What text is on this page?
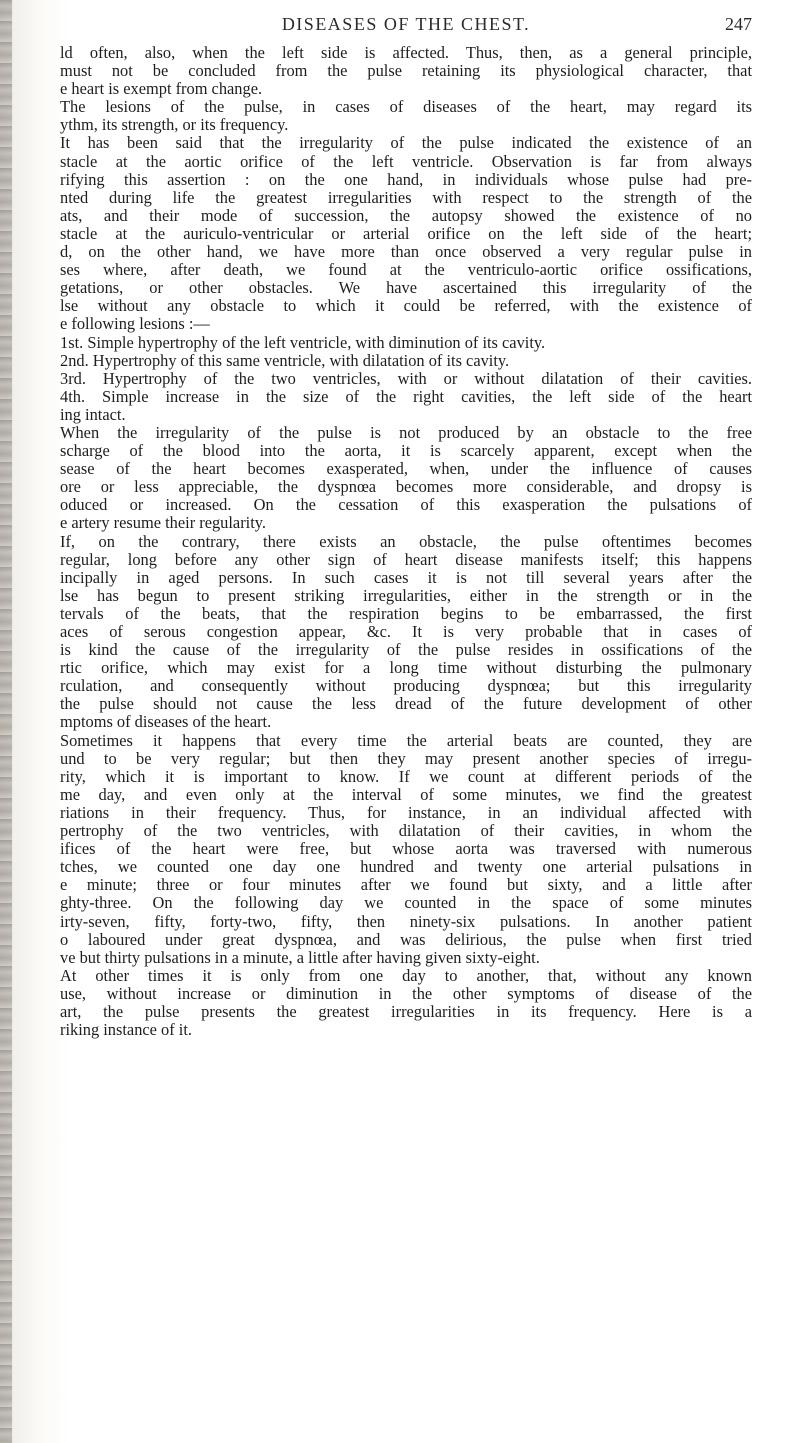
DISEASES OF THE CHEST.	247
ld often, also, when the left side is affected. Thus, then, as a general principle,
must not be concluded from the pulse retaining its physiological character, that
e heart is exempt from change.
The lesions of the pulse, in cases of diseases of the heart, may regard its
ythm, its strength, or its frequency.
It has been said that the irregularity of the pulse indicated the existence of an
stacle at the aortic orifice of the left ventricle. Observation is far from always
rifying this assertion : on the one hand, in individuals whose pulse had pre-
nted during life the greatest irregularities with respect to the strength of the
ats, and their mode of succession, the autopsy showed the existence of no
stacle at the auriculo-ventricular or arterial orifice on the left side of the heart;
d, on the other hand, we have more than once observed a very regular pulse in
ses where, after death, we found at the ventriculo-aortic orifice ossifications,
getations, or other obstacles. We have ascertained this irregularity of the
lse without any obstacle to which it could be referred, with the existence of
e following lesions :—
1st. Simple hypertrophy of the left ventricle, with diminution of its cavity.
2nd. Hypertrophy of this same ventricle, with dilatation of its cavity.
3rd. Hypertrophy of the two ventricles, with or without dilatation of their cavities.
4th. Simple increase in the size of the right cavities, the left side of the heart
ing intact.
When the irregularity of the pulse is not produced by an obstacle to the free
scharge of the blood into the aorta, it is scarcely apparent, except when the
sease of the heart becomes exasperated, when, under the influence of causes
ore or less appreciable, the dyspnœa becomes more considerable, and dropsy is
oduced or increased. On the cessation of this exasperation the pulsations of
e artery resume their regularity.
If, on the contrary, there exists an obstacle, the pulse oftentimes becomes
regular, long before any other sign of heart disease manifests itself; this happens
incipally in aged persons. In such cases it is not till several years after the
lse has begun to present striking irregularities, either in the strength or in the
tervals of the beats, that the respiration begins to be embarrassed, the first
aces of serous congestion appear, &c. It is very probable that in cases of
is kind the cause of the irregularity of the pulse resides in ossifications of the
rtic orifice, which may exist for a long time without disturbing the pulmonary
rculation, and consequently without producing dyspnœa; but this irregularity
the pulse should not cause the less dread of the future development of other
mptoms of diseases of the heart.
Sometimes it happens that every time the arterial beats are counted, they are
und to be very regular; but then they may present another species of irregu-
rity, which it is important to know. If we count at different periods of the
me day, and even only at the interval of some minutes, we find the greatest
riations in their frequency. Thus, for instance, in an individual affected with
pertrophy of the two ventricles, with dilatation of their cavities, in whom the
ifices of the heart were free, but whose aorta was traversed with numerous
tches, we counted one day one hundred and twenty one arterial pulsations in
e minute; three or four minutes after we found but sixty, and a little after
ghty-three. On the following day we counted in the space of some minutes
irty-seven, fifty, forty-two, fifty, then ninety-six pulsations. In another patient
o laboured under great dyspnœa, and was delirious, the pulse when first tried
ve but thirty pulsations in a minute, a little after having given sixty-eight.
At other times it is only from one day to another, that, without any known
use, without increase or diminution in the other symptoms of disease of the
art, the pulse presents the greatest irregularities in its frequency. Here is a
riking instance of it.
